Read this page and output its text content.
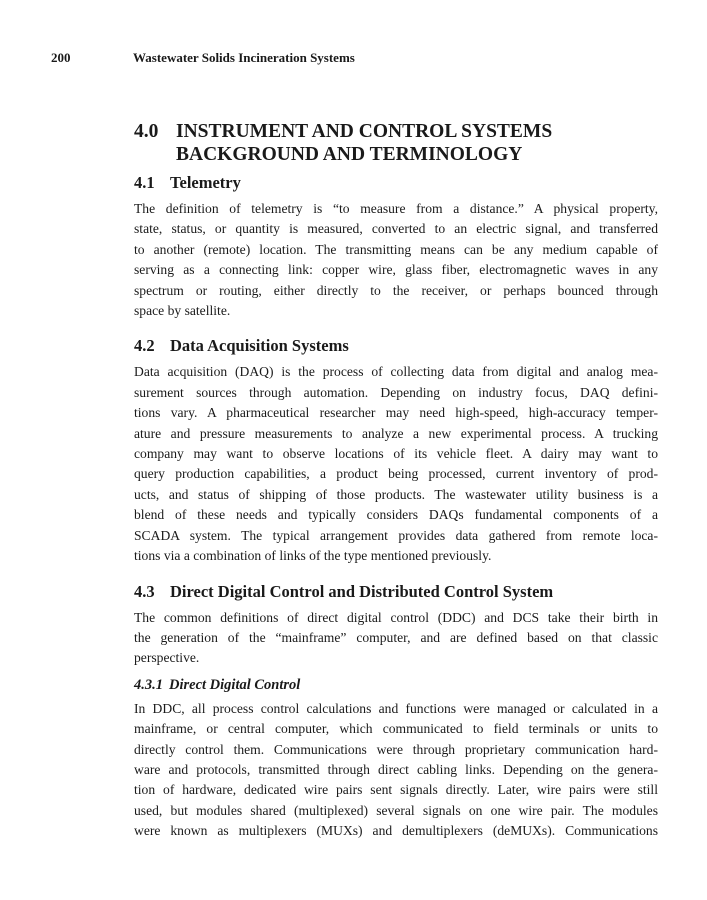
200	Wastewater Solids Incineration Systems
4.0 INSTRUMENT AND CONTROL SYSTEMS
BACKGROUND AND TERMINOLOGY
4.1 Telemetry

The definition of telemetry is “to measure from a distance.” A physical property,
state, status, or quantity is measured, converted to an electric signal, and transferred
to another (remote) location. The transmitting means can be any medium capable of
serving as a connecting link: copper wire, glass fiber, electromagnetic waves in any
spectrum or routing, either directly to the receiver, or perhaps bounced through
space by satellite.

4.2 Data Acquisition Systems

Data acquisition (DAQ) is the process of collecting data from digital and analog mea-
surement sources through automation. Depending on industry focus, DAQ defini-
tions vary. A pharmaceutical researcher may need high-speed, high-accuracy temper-
ature and pressure measurements to analyze a new experimental process. A trucking
company may want to observe locations of its vehicle fleet. A dairy may want to
query production capabilities, a product being processed, current inventory of prod-
ucts, and status of shipping of those products. The wastewater utility business is a
blend of these needs and typically considers DAQs fundamental components of a
SCADA system. The typical arrangement provides data gathered from remote loca-
tions via a combination of links of the type mentioned previously.

4.3 Direct Digital Control and Distributed Control System

The common definitions of direct digital control (DDC) and DCS take their birth in
the generation of the “mainframe” computer, and are defined based on that classic
perspective.

4.3.1 Direct Digital Control

In DDC, all process control calculations and functions were managed or calculated in a
mainframe, or central computer, which communicated to field terminals or units to
directly control them. Communications were through proprietary communication hard-
ware and protocols, transmitted through direct cabling links. Depending on the genera-
tion of hardware, dedicated wire pairs sent signals directly. Later, wire pairs were still
used, but modules shared (multiplexed) several signals on one wire pair. The modules
were known as multiplexers (MUXs) and demultiplexers (deMUXs). Communications
